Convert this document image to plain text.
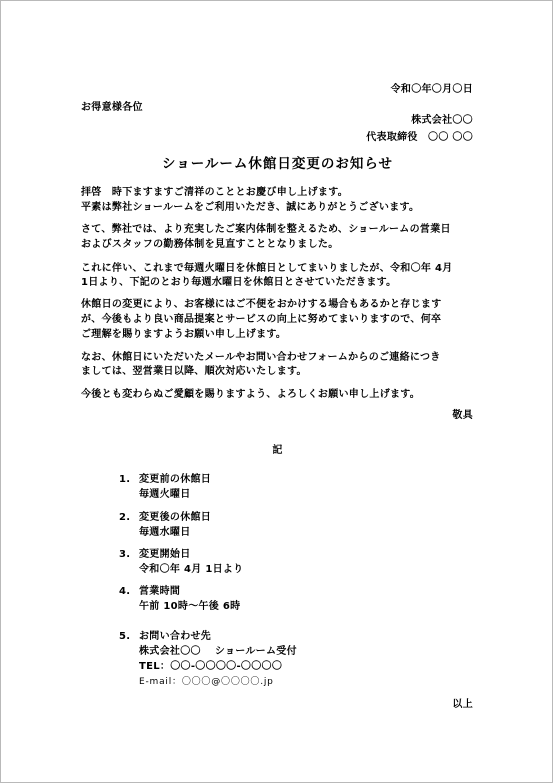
令和〇年〇月〇日
お得意様各位
株式会社〇〇
代表取締役　〇〇 〇〇
ショールーム休館日変更のお知らせ
拝啓　時下ますますご清祥のこととお慶び申し上げます。
平素は弊社ショールームをご利用いただき、誠にありがとうございます。
さて、弊社では、より充実したご案内体制を整えるため、ショールームの営業日
およびスタッフの勤務体制を見直すこととなりました。
これに伴い、これまで毎週火曜日を休館日としてまいりましたが、令和〇年 4月
1日より、下記のとおり毎週水曜日を休館日とさせていただきます。
休館日の変更により、お客様にはご不便をおかけする場合もあるかと存じます
が、今後もより良い商品提案とサービスの向上に努めてまいりますので、何卒
ご理解を賜りますようお願い申し上げます。
なお、休館日にいただいたメールやお問い合わせフォームからのご連絡につき
ましては、翌営業日以降、順次対応いたします。
今後とも変わらぬご愛顧を賜りますよう、よろしくお願い申し上げます。
敬具
記
1. 変更前の休館日
毎週火曜日
2. 変更後の休館日
毎週水曜日
3. 変更開始日
令和〇年 4月 1日より
4. 営業時間
午前 10時～午後 6時
5. お問い合わせ先
株式会社〇〇　 ショールーム受付
TEL：〇〇-〇〇〇〇-〇〇〇〇
E-mail：〇〇〇@〇〇〇〇.jp
以上
